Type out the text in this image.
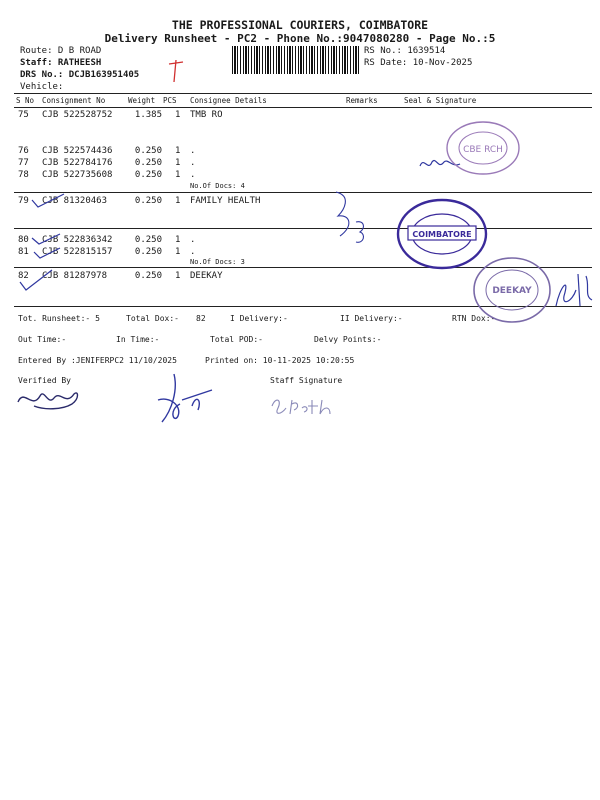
THE PROFESSIONAL COURIERS, COIMBATORE
Delivery Runsheet - PC2 - Phone No.:9047080280 - Page No.:5
Route: D B ROAD
Staff: RATHEESH
DRS No.: DCJB163951405
Vehicle:
RS No.: 1639514
RS Date: 10-Nov-2025
S No Consignment No	Weight PCS Consignee Details	Remarks	Seal & Signature
75 CJB 522528752	1.385 1 TMB RO
76 CJB 522574436	0.250 1 .
77 CJB 522784176	0.250 1 .
78 CJB 522735608	0.250 1 .
No.Of Docs: 4
79 CJB 81320463	0.250 1 FAMILY HEALTH
80 CJB 522836342	0.250 1 .
81 CJB 522815157	0.250 1 .
No.Of Docs: 3
82 CJB 81287978	0.250 1 DEEKAY
Tot. Runsheet:- 5	Total Dox:- 82	I Delivery:-	II Delivery:-	RTN Dox:-
Out Time:-	In Time:-	Total POD:-	Delvy Points:-
Entered By :JENIFERPC2 11/10/2025	Printed on: 10-11-2025 10:20:55
Verified By	Staff Signature
CBE RCH
COIMBATORE
DEEKAY
